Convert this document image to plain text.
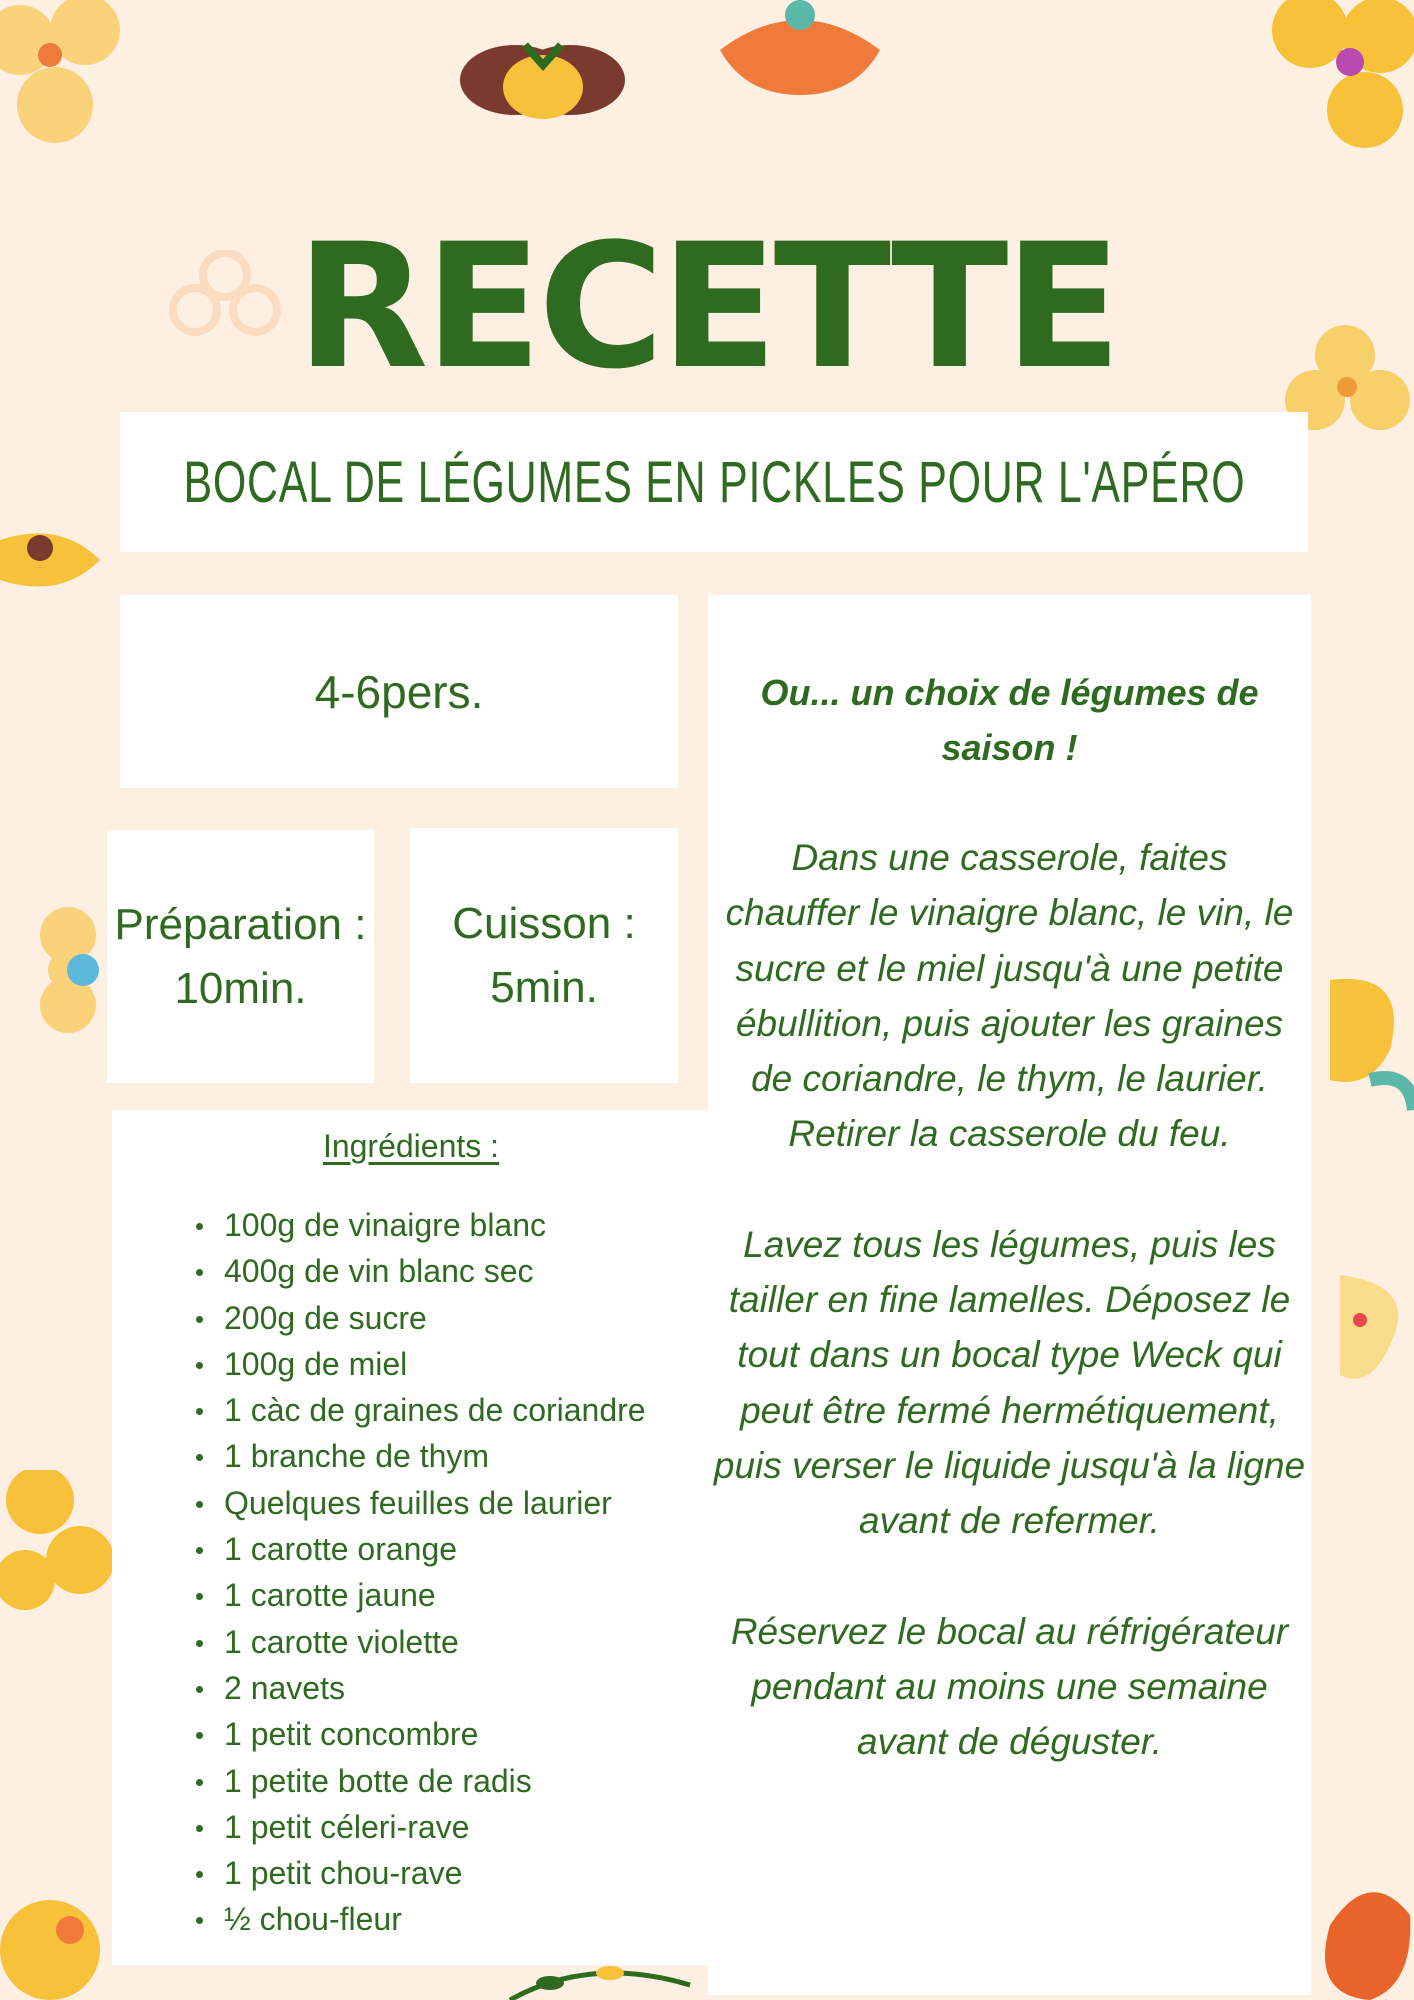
RECETTE
BOCAL DE LÉGUMES EN PICKLES POUR L'APÉRO
4-6pers.
Préparation :
10min.
Cuisson :
5min.
Ingrédients :
100g de vinaigre blanc
400g de vin blanc sec
200g de sucre
100g de miel
1 càc de graines de coriandre
1 branche de thym
Quelques feuilles de laurier
1 carotte orange
1 carotte jaune
1 carotte violette
2 navets
1 petit concombre
1 petite botte de radis
1 petit céleri-rave
1 petit chou-rave
½ chou-fleur
Ou... un choix de légumes de
saison !

Dans une casserole, faites
chauffer le vinaigre blanc, le vin, le
sucre et le miel jusqu'à une petite
ébullition, puis ajouter les graines
de coriandre, le thym, le laurier.
Retirer la casserole du feu.

Lavez tous les légumes, puis les
tailler en fine lamelles. Déposez le
tout dans un bocal type Weck qui
peut être fermé hermétiquement,
puis verser le liquide jusqu'à la ligne
avant de refermer.

Réservez le bocal au réfrigérateur
pendant au moins une semaine
avant de déguster.
